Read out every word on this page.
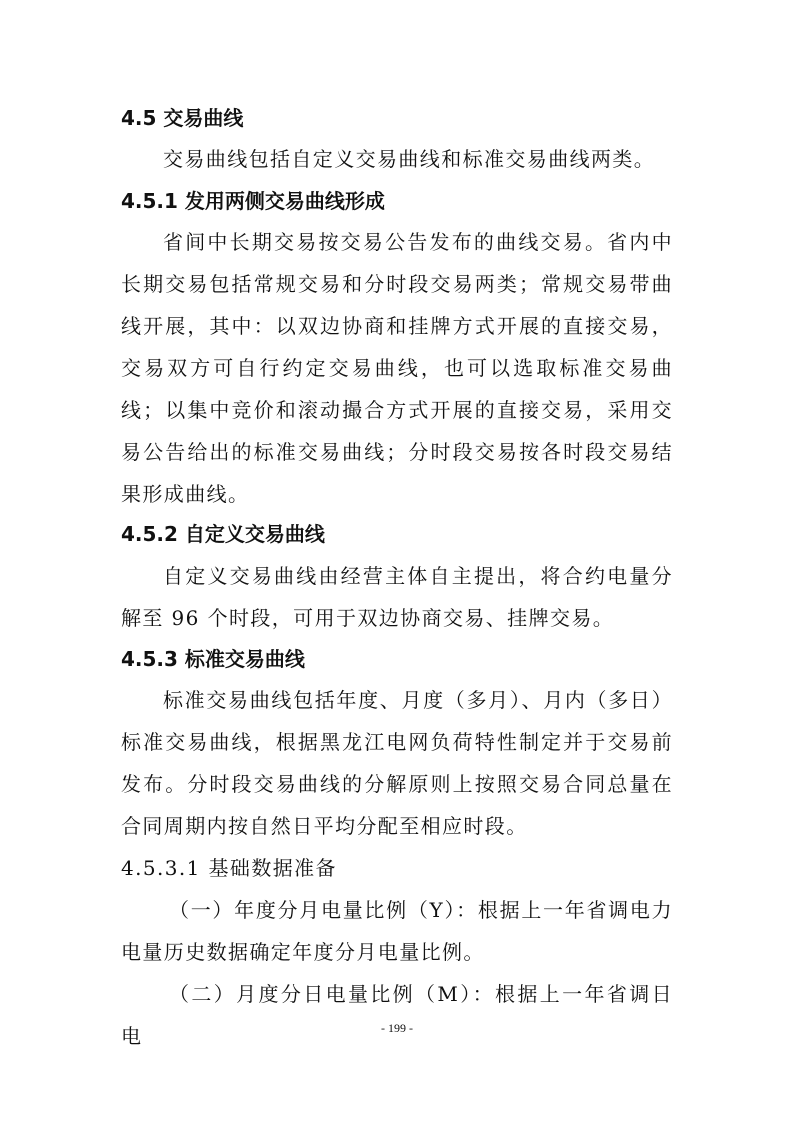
4.5 交易曲线

交易曲线包括自定义交易曲线和标准交易曲线两类。

4.5.1 发用两侧交易曲线形成

省间中长期交易按交易公告发布的曲线交易。省内中长期交易包括常规交易和分时段交易两类；常规交易带曲线开展，其中：以双边协商和挂牌方式开展的直接交易，交易双方可自行约定交易曲线，也可以选取标准交易曲线；以集中竞价和滚动撮合方式开展的直接交易，采用交易公告给出的标准交易曲线；分时段交易按各时段交易结果形成曲线。

4.5.2 自定义交易曲线

自定义交易曲线由经营主体自主提出，将合约电量分解至 96 个时段，可用于双边协商交易、挂牌交易。

4.5.3 标准交易曲线

标准交易曲线包括年度、月度（多月）、月内（多日）标准交易曲线，根据黑龙江电网负荷特性制定并于交易前发布。分时段交易曲线的分解原则上按照交易合同总量在合同周期内按自然日平均分配至相应时段。

4.5.3.1 基础数据准备

（一）年度分月电量比例（Y）：根据上一年省调电力电量历史数据确定年度分月电量比例。

（二）月度分日电量比例（M）：根据上一年省调日电	- 199 -
